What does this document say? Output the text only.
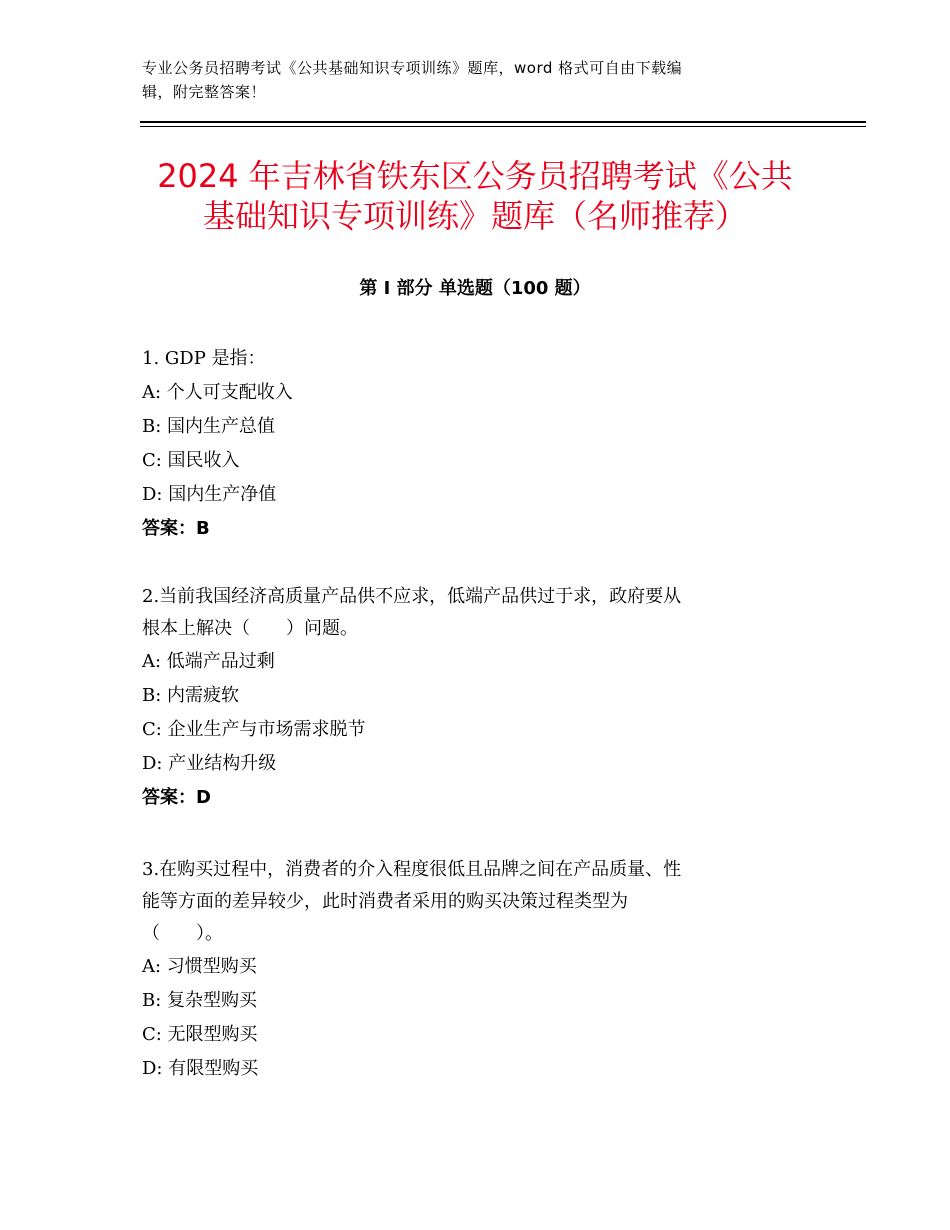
专业公务员招聘考试《公共基础知识专项训练》题库，word 格式可自由下载编
辑，附完整答案！
2024 年吉林省铁东区公务员招聘考试《公共
基础知识专项训练》题库（名师推荐）
第 I 部分 单选题（100 题）

1. GDP 是指：

A: 个人可支配收入

B: 国内生产总值

C: 国民收入

D: 国内生产净值

答案：B

2.当前我国经济高质量产品供不应求，低端产品供过于求，政府要从

根本上解决（　　）问题。

A: 低端产品过剩

B: 内需疲软

C: 企业生产与市场需求脱节

D: 产业结构升级

答案：D

3.在购买过程中，消费者的介入程度很低且品牌之间在产品质量、性

能等方面的差异较少，此时消费者采用的购买决策过程类型为

（　　）。

A: 习惯型购买

B: 复杂型购买

C: 无限型购买

D: 有限型购买
